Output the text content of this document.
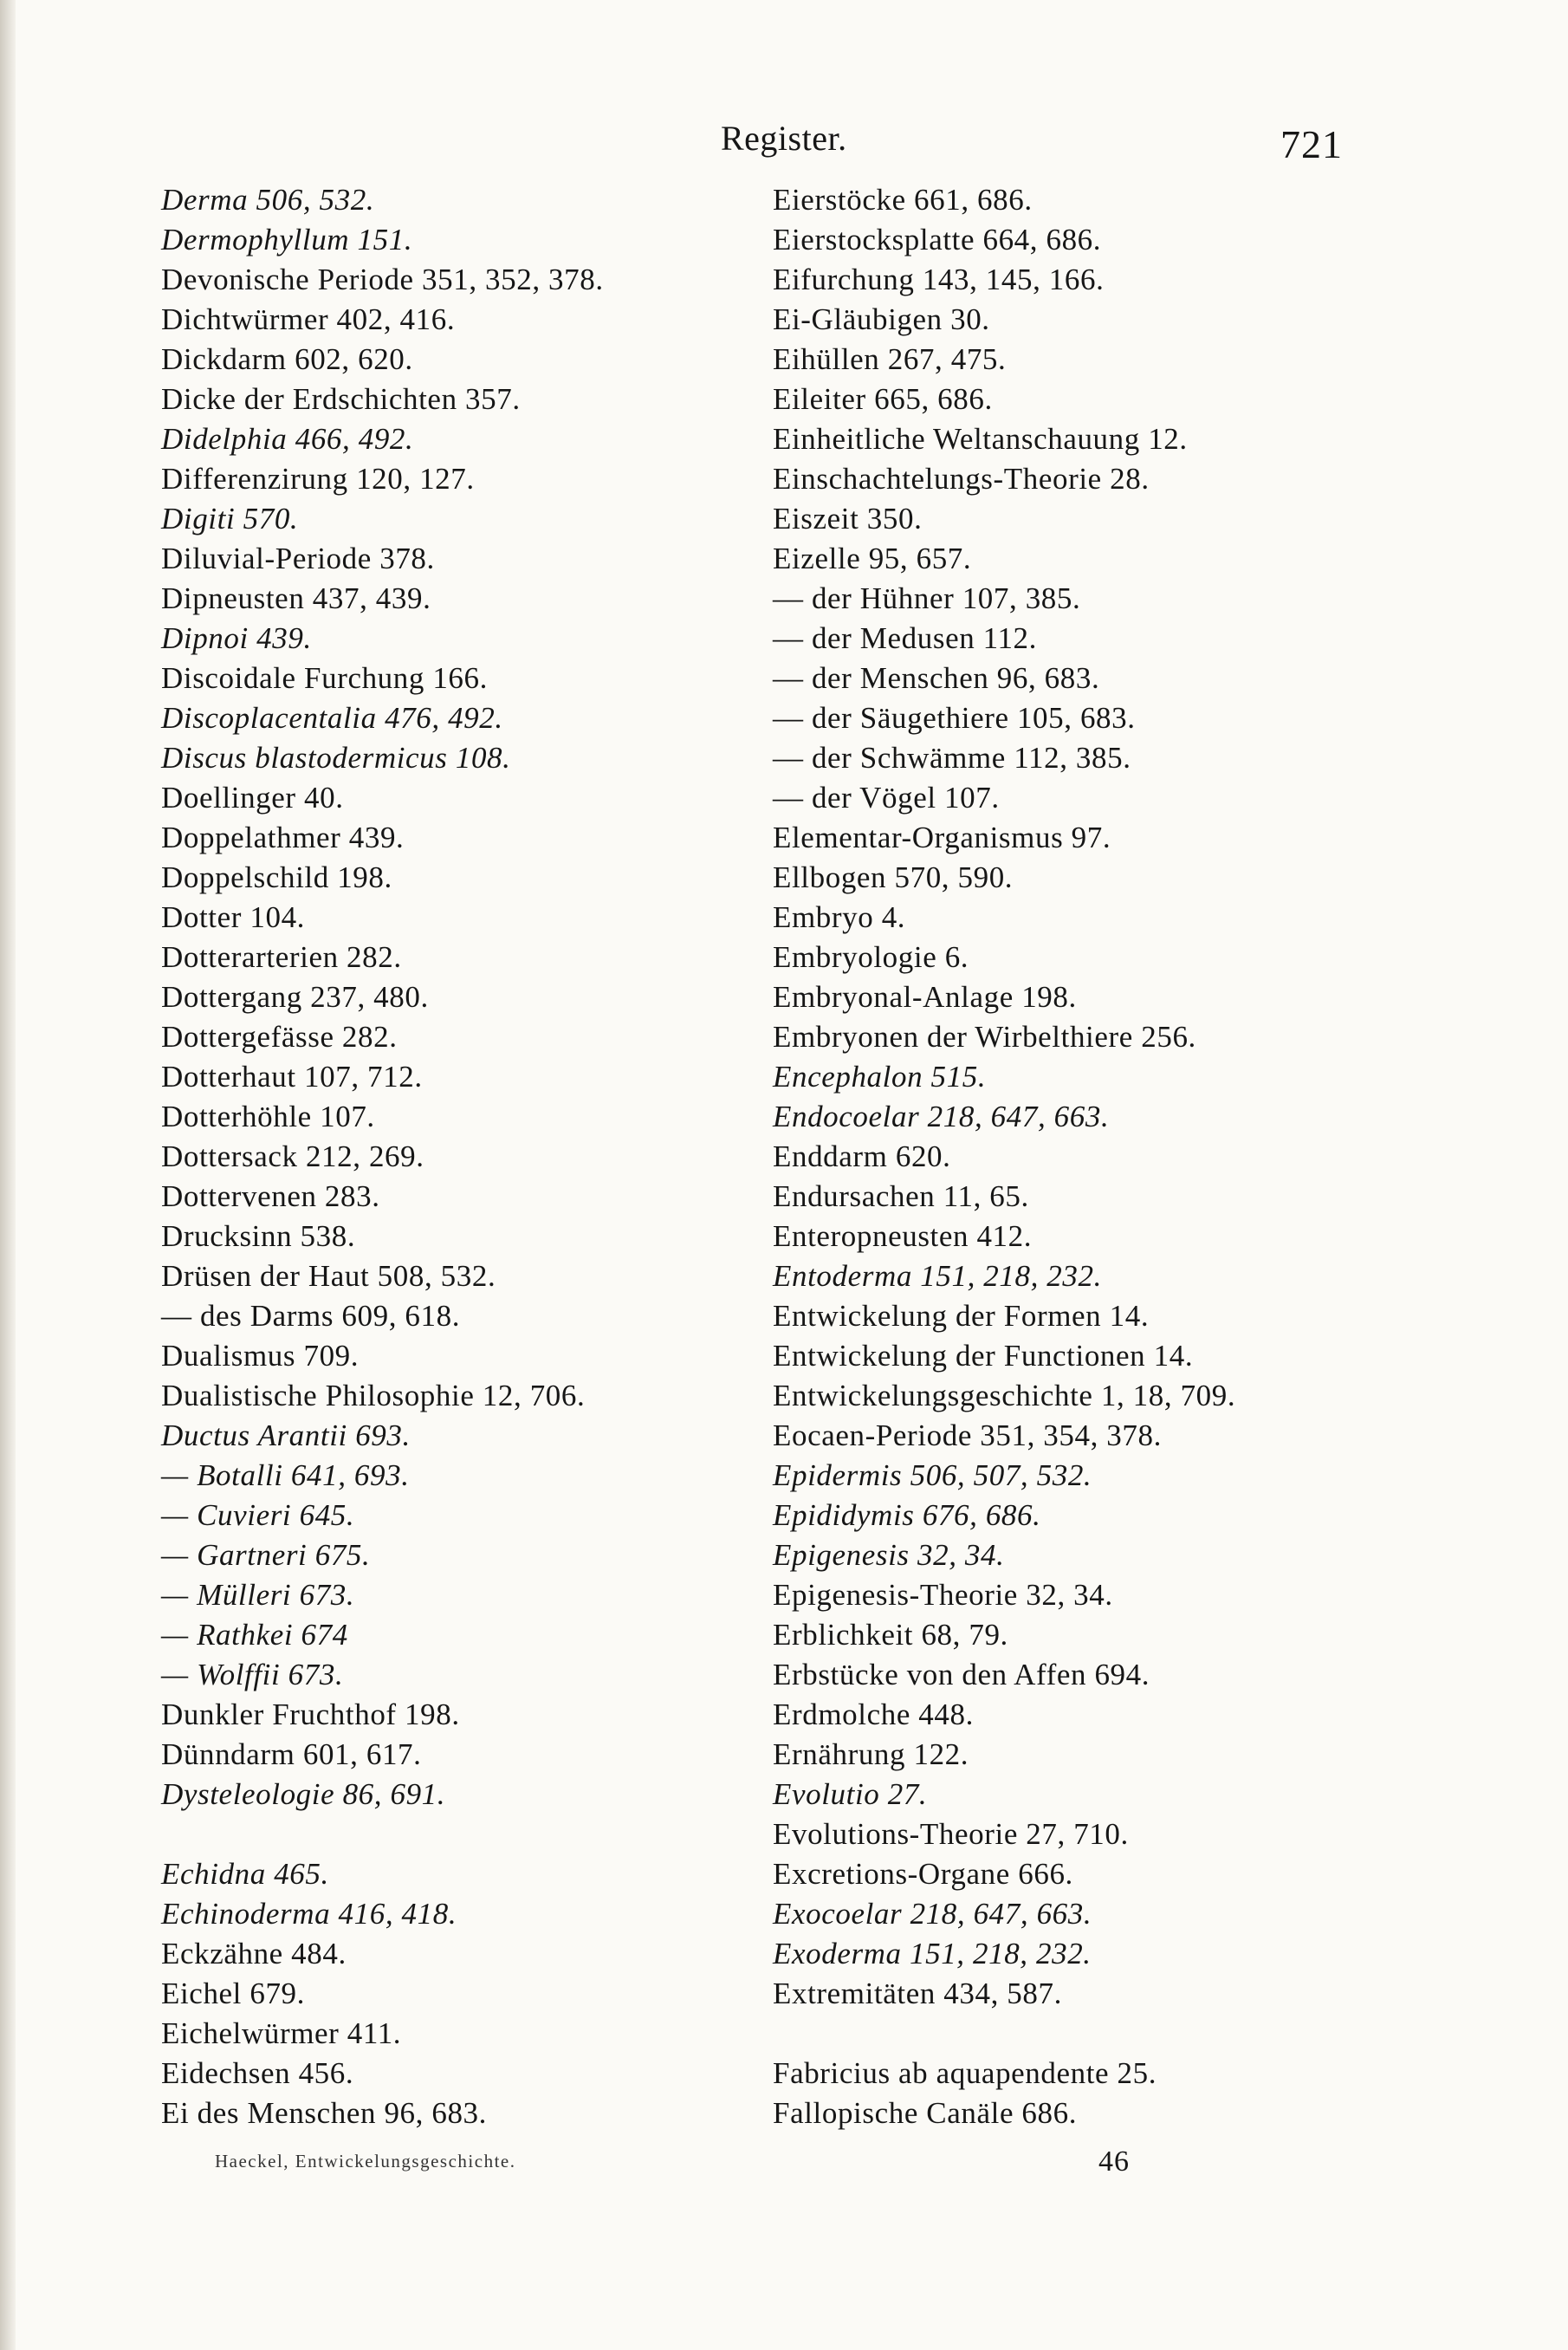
Register.	721
Derma 506, 532.
Dermophyllum 151.
Devonische Periode 351, 352, 378.
Dichtwürmer 402, 416.
Dickdarm 602, 620.
Dicke der Erdschichten 357.
Didelphia 466, 492.
Differenzirung 120, 127.
Digiti 570.
Diluvial-Periode 378.
Dipneusten 437, 439.
Dipnoi 439.
Discoidale Furchung 166.
Discoplacentalia 476, 492.
Discus blastodermicus 108.
Doellinger 40.
Doppelathmer 439.
Doppelschild 198.
Dotter 104.
Dotterarterien 282.
Dottergang 237, 480.
Dottergefässe 282.
Dotterhaut 107, 712.
Dotterhöhle 107.
Dottersack 212, 269.
Dottervenen 283.
Drucksinn 538.
Drüsen der Haut 508, 532.
— des Darms 609, 618.
Dualismus 709.
Dualistische Philosophie 12, 706.
Ductus Arantii 693.
— Botalli 641, 693.
— Cuvieri 645.
— Gartneri 675.
— Mülleri 673.
— Rathkei 674
— Wolffii 673.
Dunkler Fruchthof 198.
Dünndarm 601, 617.
Dysteleologie 86, 691.
Echidna 465.
Echinoderma 416, 418.
Eckzähne 484.
Eichel 679.
Eichelwürmer 411.
Eidechsen 456.
Ei des Menschen 96, 683.
Eierstöcke 661, 686.
Eierstocksplatte 664, 686.
Eifurchung 143, 145, 166.
Ei-Gläubigen 30.
Eihüllen 267, 475.
Eileiter 665, 686.
Einheitliche Weltanschauung 12.
Einschachtelungs-Theorie 28.
Eiszeit 350.
Eizelle 95, 657.
— der Hühner 107, 385.
— der Medusen 112.
— der Menschen 96, 683.
— der Säugethiere 105, 683.
— der Schwämme 112, 385.
— der Vögel 107.
Elementar-Organismus 97.
Ellbogen 570, 590.
Embryo 4.
Embryologie 6.
Embryonal-Anlage 198.
Embryonen der Wirbelthiere 256.
Encephalon 515.
Endocoelar 218, 647, 663.
Enddarm 620.
Endursachen 11, 65.
Enteropneusten 412.
Entoderma 151, 218, 232.
Entwickelung der Formen 14.
Entwickelung der Functionen 14.
Entwickelungsgeschichte 1, 18, 709.
Eocaen-Periode 351, 354, 378.
Epidermis 506, 507, 532.
Epididymis 676, 686.
Epigenesis 32, 34.
Epigenesis-Theorie 32, 34.
Erblichkeit 68, 79.
Erbstücke von den Affen 694.
Erdmolche 448.
Ernährung 122.
Evolutio 27.
Evolutions-Theorie 27, 710.
Excretions-Organe 666.
Exocoelar 218, 647, 663.
Exoderma 151, 218, 232.
Extremitäten 434, 587.
Fabricius ab aquapendente 25.
Fallopische Canäle 686.
Haeckel, Entwickelungsgeschichte.	46
